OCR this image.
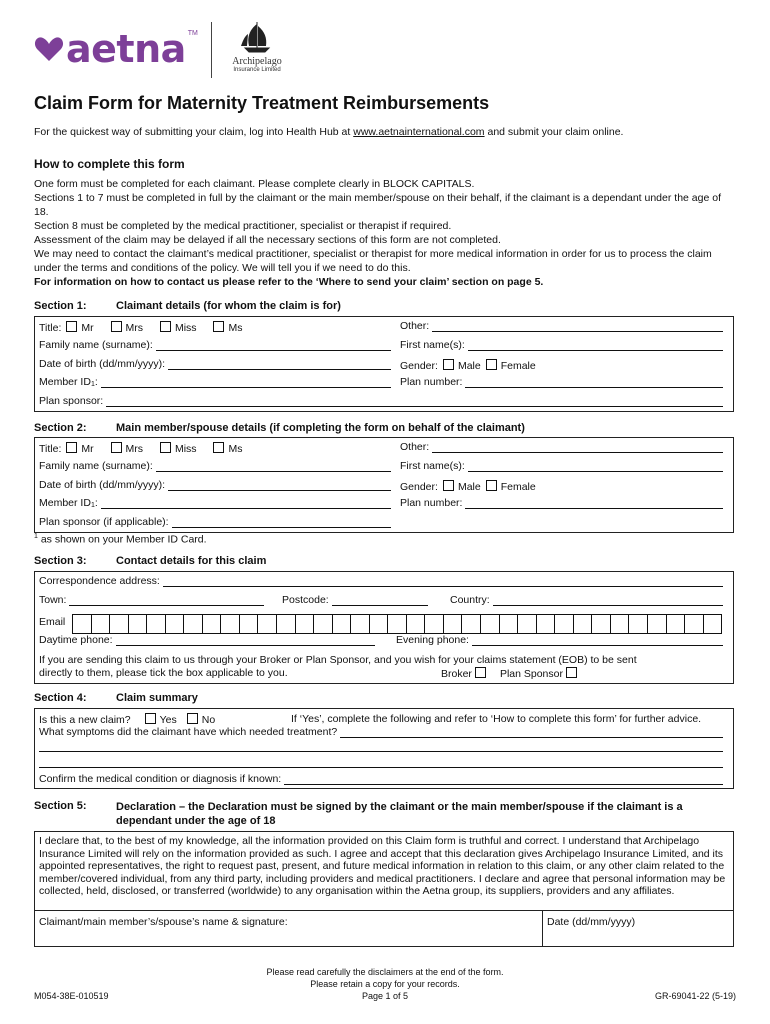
aetna TM
Archipelago
Insurance Limited
Claim Form for Maternity Treatment Reimbursements
For the quickest way of submitting your claim, log into Health Hub at www.aetnainternational.com and submit your claim online.
How to complete this form

One form must be completed for each claimant. Please complete clearly in BLOCK CAPITALS.

Sections 1 to 7 must be completed in full by the claimant or the main member/spouse on their behalf, if the claimant is a dependant under the age of 18.

Section 8 must be completed by the medical practitioner, specialist or therapist if required.

Assessment of the claim may be delayed if all the necessary sections of this form are not completed.

We may need to contact the claimant’s medical practitioner, specialist or therapist for more medical information in order for us to process the claim under the terms and conditions of the policy. We will tell you if we need to do this.

For information on how to contact us please refer to the ‘Where to send your claim’ section on page 5.

Section 1:	Claimant details (for whom the claim is for)
Title: Mr	Mrs	Miss	Ms	Other:
Family name (surname):	First name(s):
Date of birth (dd/mm/yyyy):	Gender: Male Female
Member $ID_1$ :	Plan number:
Plan sponsor:
Section 2:	Main member/spouse details (if completing the form on behalf of the claimant)
Title: Mr	Mrs	Miss	Ms	Other:
Family name (surname):	First name(s):
Date of birth (dd/mm/yyyy):	Gender: Male Female
Member $ID_1$ :	Plan number:
Plan sponsor (if applicable):
$^1$ as shown on your Member ID Card.
Section 3:	Contact details for this claim
Correspondence address:
Town:	Postcode:	Country:
Email
Daytime phone:	Evening phone:
If you are sending this claim to us through your Broker or Plan Sponsor, and you wish for your claims statement (EOB) to be sent
directly to them, please tick the box applicable to you.	Broker	Plan Sponsor
Section 4:	Claim summary
Is this a new claim?	Yes No	If ‘Yes’, complete the following and refer to ‘How to complete this form’ for further advice.
What symptoms did the claimant have which needed treatment?
Confirm the medical condition or diagnosis if known:
Section 5:	Declaration – the Declaration must be signed by the claimant or the main member/spouse if the claimant is a dependant under the age of 18
I declare that, to the best of my knowledge, all the information provided on this Claim form is truthful and correct. I understand that Archipelago Insurance Limited will rely on the information provided as such. I agree and accept that this declaration gives Archipelago Insurance Limited, and its appointed representatives, the right to request past, present, and future medical information in relation to this claim, or any other claim related to the member/covered individual, from any third party, including providers and medical practitioners. I declare and agree that personal information may be collected, held, disclosed, or transferred (worldwide) to any organisation within the Aetna group, its suppliers, providers and any affiliates.
Claimant/main member’s/spouse’s name & signature:	Date (dd/mm/yyyy)
Please read carefully the disclaimers at the end of the form.
Please retain a copy for your records.
Page 1 of 5
M054-38E-010519	GR-69041-22 (5-19)
